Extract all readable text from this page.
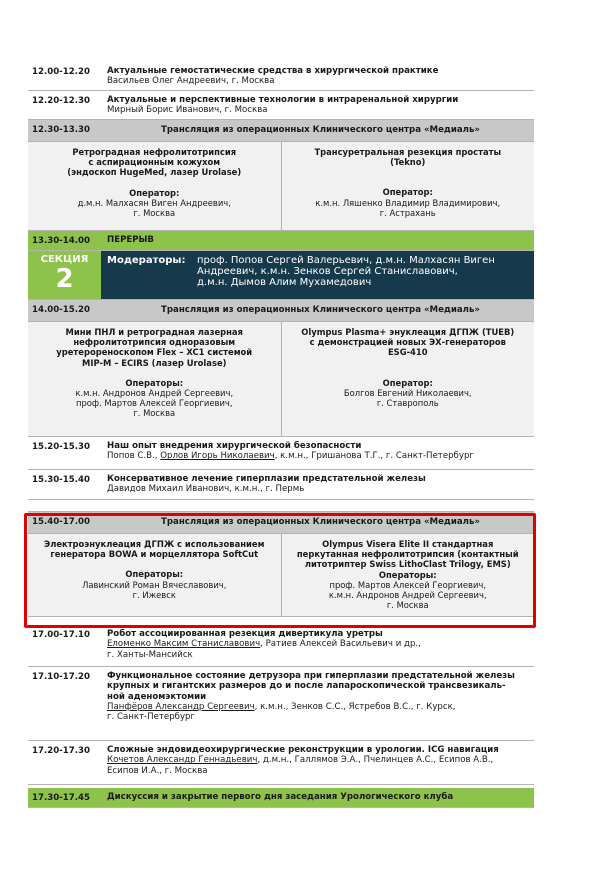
12.00-12.20	Актуальные гемостатические средства в хирургической практике
Васильев Олег Андреевич, г. Москва
12.20-12.30	Актуальные и перспективные технологии в интраренальной хирургии
Мирный Борис Иванович, г. Москва
12.30-13.30	Трансляция из операционных Клинического центра «Медиаль»
Ретроградная нефролитотрипсия
с аспирационным кожухом
(эндоскоп HugeMed, лазер Urolase)
Оператор:
д.м.н. Малхасян Виген Андреевич,
г. Москва
Трансуретральная резекция простаты
(Tekno)
Оператор:
к.м.н. Ляшенко Владимир Владимирович,
г. Астрахань
13.30-14.00	ПЕРЕРЫВ
СЕКЦИЯ
2
Модераторы:	проф. Попов Сергей Валерьевич, д.м.н. Малхасян Виген
Андреевич, к.м.н. Зенков Сергей Станиславович,
д.м.н. Дымов Алим Мухамедович
14.00-15.20	Трансляция из операционных Клинического центра «Медиаль»
Мини ПНЛ и ретроградная лазерная
нефролитотрипсия одноразовым
уретерореноскопом Flex – XC1 системой
MIP-M – ECIRS (лазер Urolase)
Операторы:
к.м.н. Андронов Андрей Сергеевич,
проф. Мартов Алексей Георгиевич,
г. Москва
Olympus Plasma+ энуклеация ДГПЖ (TUEB)
с демонстрацией новых ЭХ-генераторов
ESG-410
Оператор:
Болгов Евгений Николаевич,
г. Ставрополь
15.20-15.30	Наш опыт внедрения хирургической безопасности
Попов С.В., Орлов Игорь Николаевич, к.м.н., Гришанова Т.Г., г. Санкт-Петербург
15.30-15.40	Консервативное лечение гиперплазии предстательной железы
Давидов Михаил Иванович, к.м.н., г. Пермь
15.40-17.00	Трансляция из операционных Клинического центра «Медиаль»
Электроэнуклеация ДГПЖ с использованием
генератора BOWA и морцеллятора SoftCut
Операторы:
Лавинский Роман Вячеславович,
г. Ижевск
Olympus Visera Elite II стандартная
перкутанная нефролитотрипсия (контактный
литотриптер Swiss LithoClast Trilogy, EMS)
Операторы:
проф. Мартов Алексей Георгиевич,
к.м.н. Андронов Андрей Сергеевич,
г. Москва
17.00-17.10	Робот ассоциированная резекция дивертикула уретры
Еломенко Максим Станиславович, Ратиев Алексей Васильевич и др.,
г. Ханты-Мансийск
17.10-17.20	Функциональное состояние детрузора при гиперплазии предстательной железы
крупных и гигантских размеров до и после лапароскопической трансвезикаль-
ной аденомэктомии
Панфёров Александр Сергеевич, к.м.н., Зенков С.С., Ястребов В.С., г. Курск,
г. Санкт-Петербург
17.20-17.30	Сложные эндовидеохирургические реконструкции в урологии. ICG навигация
Кочетов Александр Геннадьевич, д.м.н., Галлямов Э.А., Пчелинцев А.С., Есипов А.В.,
Есипов И.А., г. Москва
17.30-17.45	Дискуссия и закрытие первого дня заседания Урологического клуба
